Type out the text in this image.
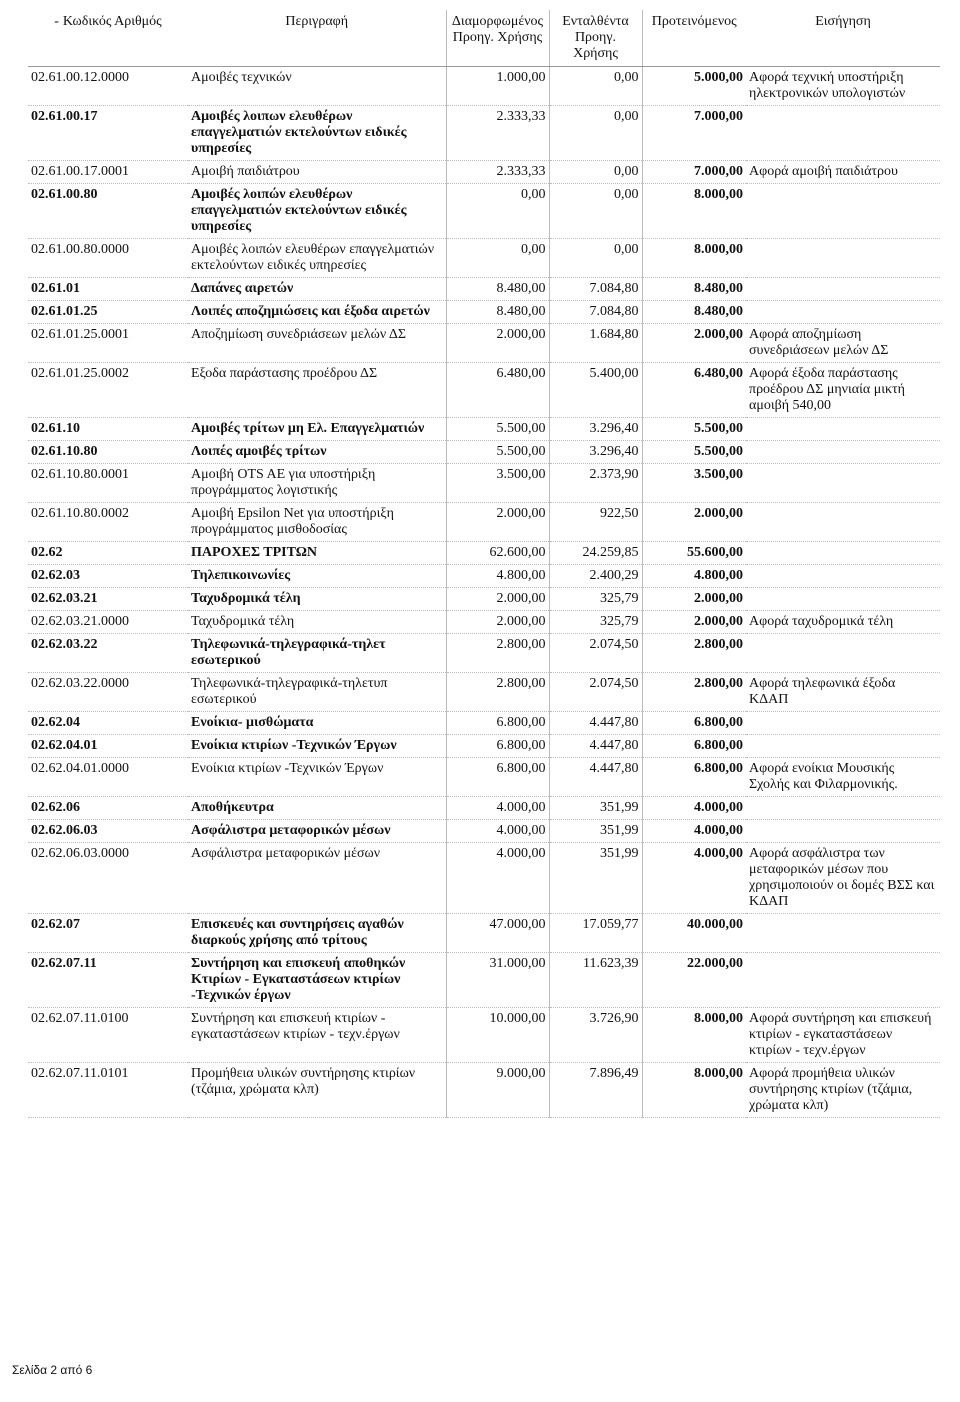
- Κωδικός Αριθμός	Περιγραφή	Διαμορφωμένος Προηγ. Χρήσης	Ενταλθέντα Προηγ. Χρήσης	Προτεινόμενος	Εισήγηση
02.61.00.12.0000	Αμοιβές τεχνικών	1.000,00	0,00	5.000,00	Αφορά τεχνική υποστήριξη ηλεκτρονικών υπολογιστών
02.61.00.17	Αμοιβές λοιπων ελευθέρων επαγγελματιών εκτελούντων ειδικές υπηρεσίες	2.333,33	0,00	7.000,00	
02.61.00.17.0001	Αμοιβή παιδιάτρου	2.333,33	0,00	7.000,00	Αφορά αμοιβή παιδιάτρου
02.61.00.80	Αμοιβές λοιπών ελευθέρων επαγγελματιών εκτελούντων ειδικές υπηρεσίες	0,00	0,00	8.000,00	
02.61.00.80.0000	Αμοιβές λοιπών ελευθέρων επαγγελματιών εκτελούντων ειδικές υπηρεσίες	0,00	0,00	8.000,00	
02.61.01	Δαπάνες αιρετών	8.480,00	7.084,80	8.480,00	
02.61.01.25	Λοιπές αποζημιώσεις και έξοδα αιρετών	8.480,00	7.084,80	8.480,00	
02.61.01.25.0001	Αποζημίωση συνεδριάσεων μελών ΔΣ	2.000,00	1.684,80	2.000,00	Αφορά αποζημίωση συνεδριάσεων μελών ΔΣ
02.61.01.25.0002	Εξοδα παράστασης προέδρου ΔΣ	6.480,00	5.400,00	6.480,00	Αφορά έξοδα παράστασης προέδρου ΔΣ μηνιαία μικτή αμοιβή 540,00
02.61.10	Αμοιβές τρίτων μη Ελ. Επαγγελματιών	5.500,00	3.296,40	5.500,00	
02.61.10.80	Λοιπές αμοιβές τρίτων	5.500,00	3.296,40	5.500,00	
02.61.10.80.0001	Αμοιβή OTS AE για υποστήριξη προγράμματος λογιστικής	3.500,00	2.373,90	3.500,00	
02.61.10.80.0002	Αμοιβή Epsilon Net για υποστήριξη προγράμματος μισθοδοσίας	2.000,00	922,50	2.000,00	
02.62	ΠΑΡΟΧΕΣ ΤΡΙΤΩΝ	62.600,00	24.259,85	55.600,00	
02.62.03	Τηλεπικοινωνίες	4.800,00	2.400,29	4.800,00	
02.62.03.21	Ταχυδρομικά τέλη	2.000,00	325,79	2.000,00	
02.62.03.21.0000	Ταχυδρομικά τέλη	2.000,00	325,79	2.000,00	Αφορά ταχυδρομικά τέλη
02.62.03.22	Τηλεφωνικά-τηλεγραφικά-τηλετ εσωτερικού	2.800,00	2.074,50	2.800,00	
02.62.03.22.0000	Τηλεφωνικά-τηλεγραφικά-τηλετυπ εσωτερικού	2.800,00	2.074,50	2.800,00	Αφορά τηλεφωνικά έξοδα ΚΔΑΠ
02.62.04	Ενοίκια- μισθώματα	6.800,00	4.447,80	6.800,00	
02.62.04.01	Ενοίκια κτιρίων -Τεχνικών Έργων	6.800,00	4.447,80	6.800,00	
02.62.04.01.0000	Ενοίκια κτιρίων -Τεχνικών Έργων	6.800,00	4.447,80	6.800,00	Αφορά ενοίκια Μουσικής Σχολής και Φιλαρμονικής.
02.62.06	Αποθήκευτρα	4.000,00	351,99	4.000,00	
02.62.06.03	Ασφάλιστρα μεταφορικών μέσων	4.000,00	351,99	4.000,00	
02.62.06.03.0000	Ασφάλιστρα μεταφορικών μέσων	4.000,00	351,99	4.000,00	Αφορά ασφάλιστρα των μεταφορικών μέσων που χρησιμοποιούν οι δομές ΒΣΣ και ΚΔΑΠ
02.62.07	Επισκευές και συντηρήσεις αγαθών διαρκούς χρήσης από τρίτους	47.000,00	17.059,77	40.000,00	
02.62.07.11	Συντήρηση και επισκευή αποθηκών Κτιρίων - Εγκαταστάσεων κτιρίων -Τεχνικών έργων	31.000,00	11.623,39	22.000,00	
02.62.07.11.0100	Συντήρηση και επισκευή κτιρίων - εγκαταστάσεων κτιρίων - τεχν.έργων	10.000,00	3.726,90	8.000,00	Αφορά συντήρηση και επισκευή κτιρίων - εγκαταστάσεων κτιρίων - τεχν.έργων
02.62.07.11.0101	Προμήθεια υλικών συντήρησης κτιρίων (τζάμια, χρώματα κλπ)	9.000,00	7.896,49	8.000,00	Αφορά προμήθεια υλικών συντήρησης κτιρίων (τζάμια, χρώματα κλπ)
Σελίδα 2 από 6
